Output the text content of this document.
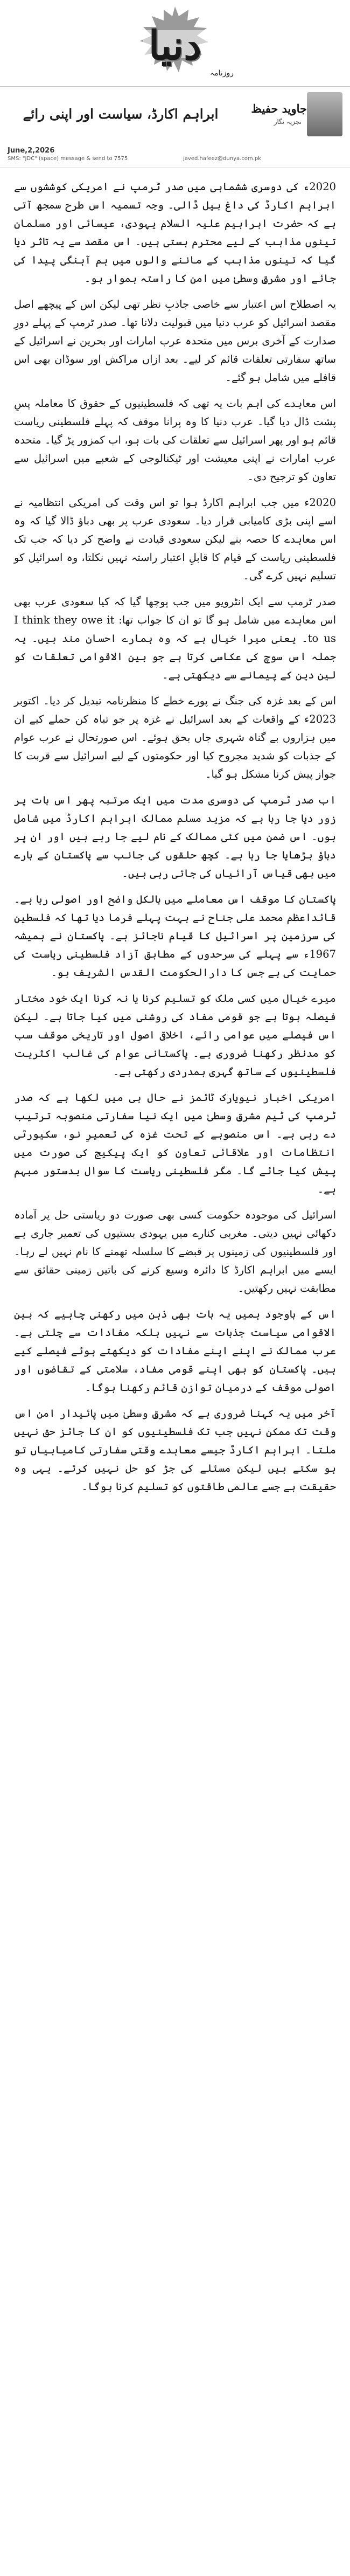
دنیا
روزنامہ
ابراہم اکارڈ، سیاست اور اپنی رائے
June,2,2026
SMS: "JDC" (space) message & send to 7575	javed.hafeez@dunya.com.pk
جاوید حفیظ
تجزیہ نگار

2020ء کی دوسری ششماہی میں صدر ٹرمپ نے امریکی کوششوں سے ابراہم اکارڈ کی داغ بیل ڈالی۔ وجہ تسمیہ اس طرح سمجھ آتی ہے کہ حضرت ابراہیم علیہ السلام یہودی، عیسائی اور مسلمان تینوں مذاہب کے لیے محترم ہستی ہیں۔ اس مقصد سے یہ تاثر دیا گیا کہ تینوں مذاہب کے ماننے والوں میں ہم آہنگی پیدا کی جائے اور مشرقِ وسطیٰ میں امن کا راستہ ہموار ہو۔

یہ اصطلاح اس اعتبار سے خاصی جاذبِ نظر تھی لیکن اس کے پیچھے اصل مقصد اسرائیل کو عرب دنیا میں قبولیت دلانا تھا۔ صدر ٹرمپ کے پہلے دورِ صدارت کے آخری برس میں متحدہ عرب امارات اور بحرین نے اسرائیل کے ساتھ سفارتی تعلقات قائم کر لیے۔ بعد ازاں مراکش اور سوڈان بھی اس قافلے میں شامل ہو گئے۔

اس معاہدے کی اہم بات یہ تھی کہ فلسطینیوں کے حقوق کا معاملہ پسِ پشت ڈال دیا گیا۔ عرب دنیا کا وہ پرانا موقف کہ پہلے فلسطینی ریاست قائم ہو اور پھر اسرائیل سے تعلقات کی بات ہو، اب کمزور پڑ گیا۔ متحدہ عرب امارات نے اپنی معیشت اور ٹیکنالوجی کے شعبے میں اسرائیل سے تعاون کو ترجیح دی۔

2020ء میں جب ابراہم اکارڈ ہوا تو اس وقت کی امریکی انتظامیہ نے اسے اپنی بڑی کامیابی قرار دیا۔ سعودی عرب پر بھی دباؤ ڈالا گیا کہ وہ اس معاہدے کا حصہ بنے لیکن سعودی قیادت نے واضح کر دیا کہ جب تک فلسطینی ریاست کے قیام کا قابلِ اعتبار راستہ نہیں نکلتا، وہ اسرائیل کو تسلیم نہیں کرے گی۔

صدر ٹرمپ سے ایک انٹرویو میں جب پوچھا گیا کہ کیا سعودی عرب بھی اس معاہدے میں شامل ہو گا تو ان کا جواب تھا: I think they owe it to us۔ یعنی میرا خیال ہے کہ وہ ہمارے احسان مند ہیں۔ یہ جملہ اس سوچ کی عکاسی کرتا ہے جو بین الاقوامی تعلقات کو لین دین کے پیمانے سے دیکھتی ہے۔

اس کے بعد غزہ کی جنگ نے پورے خطے کا منظرنامہ تبدیل کر دیا۔ اکتوبر 2023ء کے واقعات کے بعد اسرائیل نے غزہ پر جو تباہ کن حملے کیے ان میں ہزاروں بے گناہ شہری جاں بحق ہوئے۔ اس صورتحال نے عرب عوام کے جذبات کو شدید مجروح کیا اور حکومتوں کے لیے اسرائیل سے قربت کا جواز پیش کرنا مشکل ہو گیا۔

اب صدر ٹرمپ کی دوسری مدت میں ایک مرتبہ پھر اس بات پر زور دیا جا رہا ہے کہ مزید مسلم ممالک ابراہم اکارڈ میں شامل ہوں۔ اس ضمن میں کئی ممالک کے نام لیے جا رہے ہیں اور ان پر دباؤ بڑھایا جا رہا ہے۔ کچھ حلقوں کی جانب سے پاکستان کے بارے میں بھی قیاس آرائیاں کی جاتی رہی ہیں۔

پاکستان کا موقف اس معاملے میں بالکل واضح اور اصولی رہا ہے۔ قائداعظم محمد علی جناح نے بہت پہلے فرما دیا تھا کہ فلسطین کی سرزمین پر اسرائیل کا قیام ناجائز ہے۔ پاکستان نے ہمیشہ 1967ء سے پہلے کی سرحدوں کے مطابق آزاد فلسطینی ریاست کی حمایت کی ہے جس کا دارالحکومت القدس الشریف ہو۔

میرے خیال میں کسی ملک کو تسلیم کرنا یا نہ کرنا ایک خود مختار فیصلہ ہوتا ہے جو قومی مفاد کی روشنی میں کیا جاتا ہے۔ لیکن اس فیصلے میں عوامی رائے، اخلاقی اصول اور تاریخی موقف سب کو مدنظر رکھنا ضروری ہے۔ پاکستانی عوام کی غالب اکثریت فلسطینیوں کے ساتھ گہری ہمدردی رکھتی ہے۔

امریکی اخبار نیویارک ٹائمز نے حال ہی میں لکھا ہے کہ صدر ٹرمپ کی ٹیم مشرقِ وسطیٰ میں ایک نیا سفارتی منصوبہ ترتیب دے رہی ہے۔ اس منصوبے کے تحت غزہ کی تعمیرِ نو، سکیورٹی انتظامات اور علاقائی تعاون کو ایک پیکیج کی صورت میں پیش کیا جائے گا۔ مگر فلسطینی ریاست کا سوال بدستور مبہم ہے۔

اسرائیل کی موجودہ حکومت کسی بھی صورت دو ریاستی حل پر آمادہ دکھائی نہیں دیتی۔ مغربی کنارے میں یہودی بستیوں کی تعمیر جاری ہے اور فلسطینیوں کی زمینوں پر قبضے کا سلسلہ تھمنے کا نام نہیں لے رہا۔ ایسے میں ابراہم اکارڈ کا دائرہ وسیع کرنے کی باتیں زمینی حقائق سے مطابقت نہیں رکھتیں۔

اس کے باوجود ہمیں یہ بات بھی ذہن میں رکھنی چاہیے کہ بین الاقوامی سیاست جذبات سے نہیں بلکہ مفادات سے چلتی ہے۔ عرب ممالک نے اپنے اپنے مفادات کو دیکھتے ہوئے فیصلے کیے ہیں۔ پاکستان کو بھی اپنے قومی مفاد، سلامتی کے تقاضوں اور اصولی موقف کے درمیان توازن قائم رکھنا ہوگا۔

آخر میں یہ کہنا ضروری ہے کہ مشرقِ وسطیٰ میں پائیدار امن اس وقت تک ممکن نہیں جب تک فلسطینیوں کو ان کا جائز حق نہیں ملتا۔ ابراہم اکارڈ جیسے معاہدے وقتی سفارتی کامیابیاں تو ہو سکتے ہیں لیکن مسئلے کی جڑ کو حل نہیں کرتے۔ یہی وہ حقیقت ہے جسے عالمی طاقتوں کو تسلیم کرنا ہوگا۔
